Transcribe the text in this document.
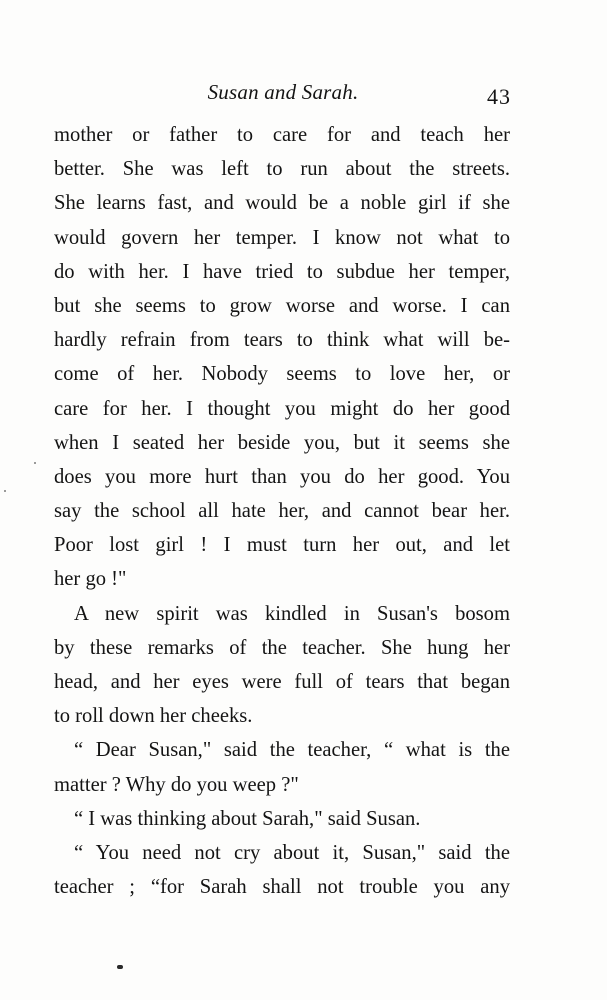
Susan and Sarah.	43
mother or father to care for and teach her
better. She was left to run about the streets.
She learns fast, and would be a noble girl if she
would govern her temper. I know not what to
do with her. I have tried to subdue her temper,
but she seems to grow worse and worse. I can
hardly refrain from tears to think what will be-
come of her. Nobody seems to love her, or
care for her. I thought you might do her good
when I seated her beside you, but it seems she
does you more hurt than you do her good. You
say the school all hate her, and cannot bear her.
Poor lost girl ! I must turn her out, and let
her go !"
A new spirit was kindled in Susan's bosom
by these remarks of the teacher. She hung her
head, and her eyes were full of tears that began
to roll down her cheeks.
“ Dear Susan," said the teacher, “ what is the
matter ? Why do you weep ?"
“ I was thinking about Sarah," said Susan.
“ You need not cry about it, Susan," said the
teacher ; “for Sarah shall not trouble you any
